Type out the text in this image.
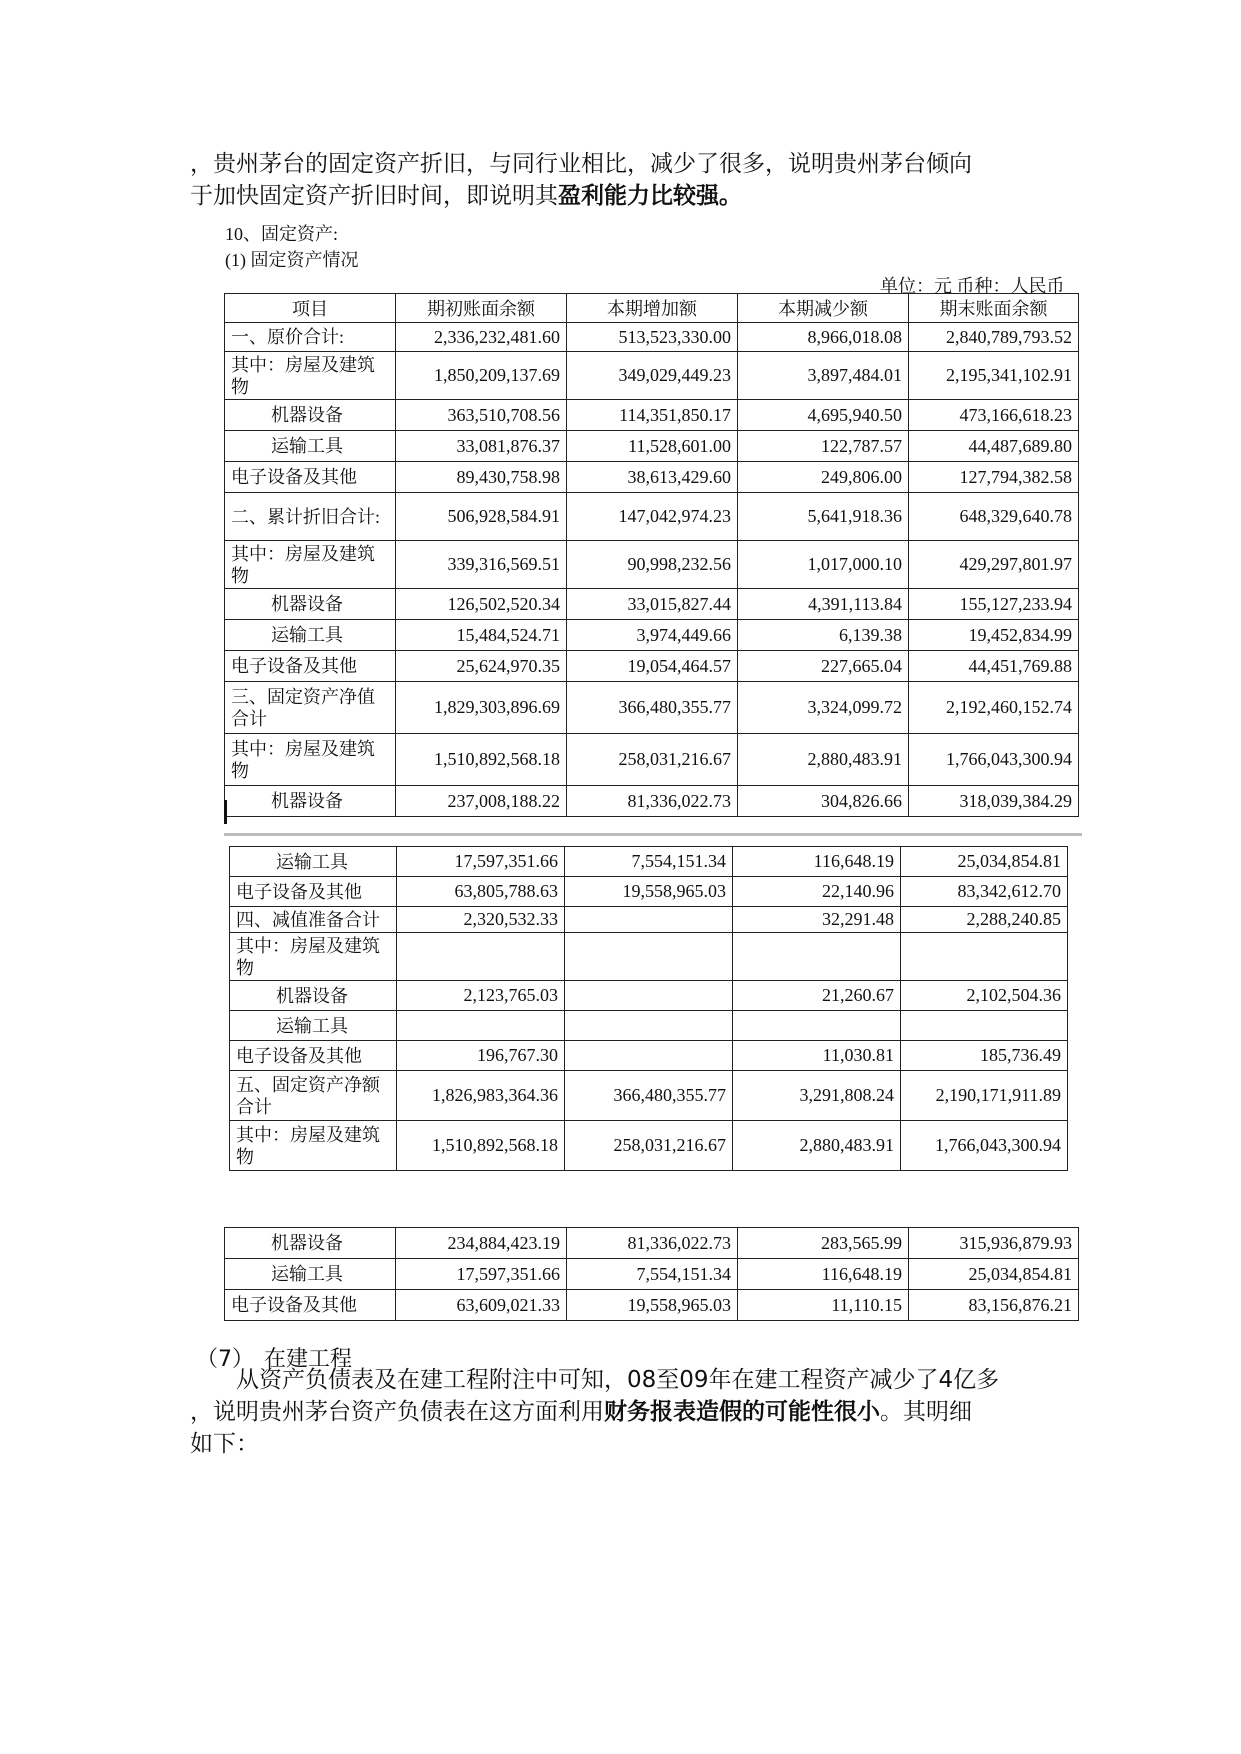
，贵州茅台的固定资产折旧，与同行业相比，减少了很多，说明贵州茅台倾向
于加快固定资产折旧时间，即说明其盈利能力比较强。
10、固定资产:
(1) 固定资产情况
单位：元 币种：人民币
项目	期初账面余额	本期增加额	本期减少额	期末账面余额
一、原价合计:	2,336,232,481.60	513,523,330.00	8,966,018.08	2,840,789,793.52
其中：房屋及建筑物	1,850,209,137.69	349,029,449.23	3,897,484.01	2,195,341,102.91
机器设备	363,510,708.56	114,351,850.17	4,695,940.50	473,166,618.23
运输工具	33,081,876.37	11,528,601.00	122,787.57	44,487,689.80
电子设备及其他	89,430,758.98	38,613,429.60	249,806.00	127,794,382.58
二、累计折旧合计:	506,928,584.91	147,042,974.23	5,641,918.36	648,329,640.78
其中：房屋及建筑物	339,316,569.51	90,998,232.56	1,017,000.10	429,297,801.97
机器设备	126,502,520.34	33,015,827.44	4,391,113.84	155,127,233.94
运输工具	15,484,524.71	3,974,449.66	6,139.38	19,452,834.99
电子设备及其他	25,624,970.35	19,054,464.57	227,665.04	44,451,769.88
三、固定资产净值合计	1,829,303,896.69	366,480,355.77	3,324,099.72	2,192,460,152.74
其中：房屋及建筑物	1,510,892,568.18	258,031,216.67	2,880,483.91	1,766,043,300.94
机器设备	237,008,188.22	81,336,022.73	304,826.66	318,039,384.29
运输工具	17,597,351.66	7,554,151.34	116,648.19	25,034,854.81
电子设备及其他	63,805,788.63	19,558,965.03	22,140.96	83,342,612.70
四、减值准备合计	2,320,532.33		32,291.48	2,288,240.85
其中：房屋及建筑物				
机器设备	2,123,765.03		21,260.67	2,102,504.36
运输工具				
电子设备及其他	196,767.30		11,030.81	185,736.49
五、固定资产净额合计	1,826,983,364.36	366,480,355.77	3,291,808.24	2,190,171,911.89
其中：房屋及建筑物	1,510,892,568.18	258,031,216.67	2,880,483.91	1,766,043,300.94
机器设备	234,884,423.19	81,336,022.73	283,565.99	315,936,879.93
运输工具	17,597,351.66	7,554,151.34	116,648.19	25,034,854.81
电子设备及其他	63,609,021.33	19,558,965.03	11,110.15	83,156,876.21
（7） 在建工程
从资产负债表及在建工程附注中可知，08至09年在建工程资产减少了4亿多
，说明贵州茅台资产负债表在这方面利用财务报表造假的可能性很小。其明细
如下：
